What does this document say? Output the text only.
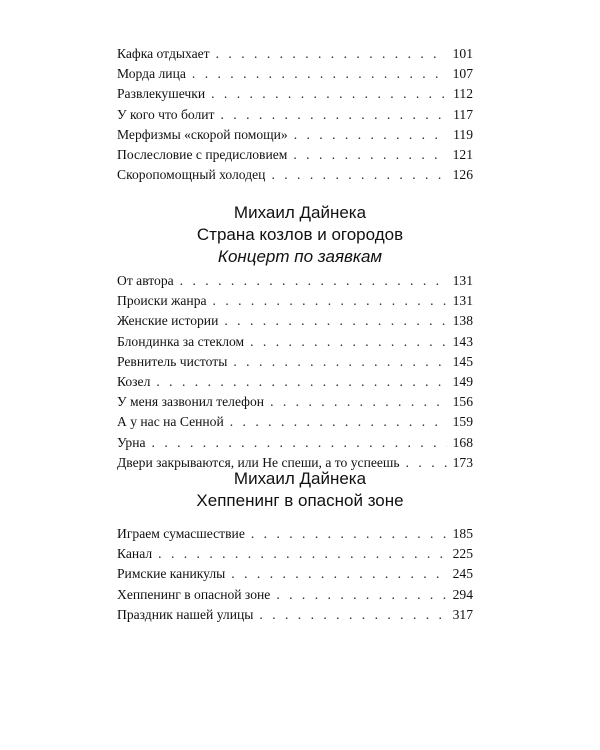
Кафка отдыхает . . .	101
Морда лица . . .	107
Развлекушечки . . .	112
У кого что болит . . .	117
Мерфизмы «скорой помощи» . . .	119
Послесловие с предисловием . . .	121
Скоропомощный холодец . . .	126
Михаил Дайнека
Страна козлов и огородов
Концерт по заявкам
От автора . . .	131
Происки жанра . . .	131
Женские истории . . .	138
Блондинка за стеклом . . .	143
Ревнитель чистоты . . .	145
Козел . . .	149
У меня зазвонил телефон . . .	156
А у нас на Сенной . . .	159
Урна . . .	168
Двери закрываются, или Не спеши, а то успеешь . . .	173
Михаил Дайнека
Хеппенинг в опасной зоне
Играем сумасшествие . . .	185
Канал . . .	225
Римские каникулы . . .	245
Хеппенинг в опасной зоне . . .	294
Праздник нашей улицы . . .	317
